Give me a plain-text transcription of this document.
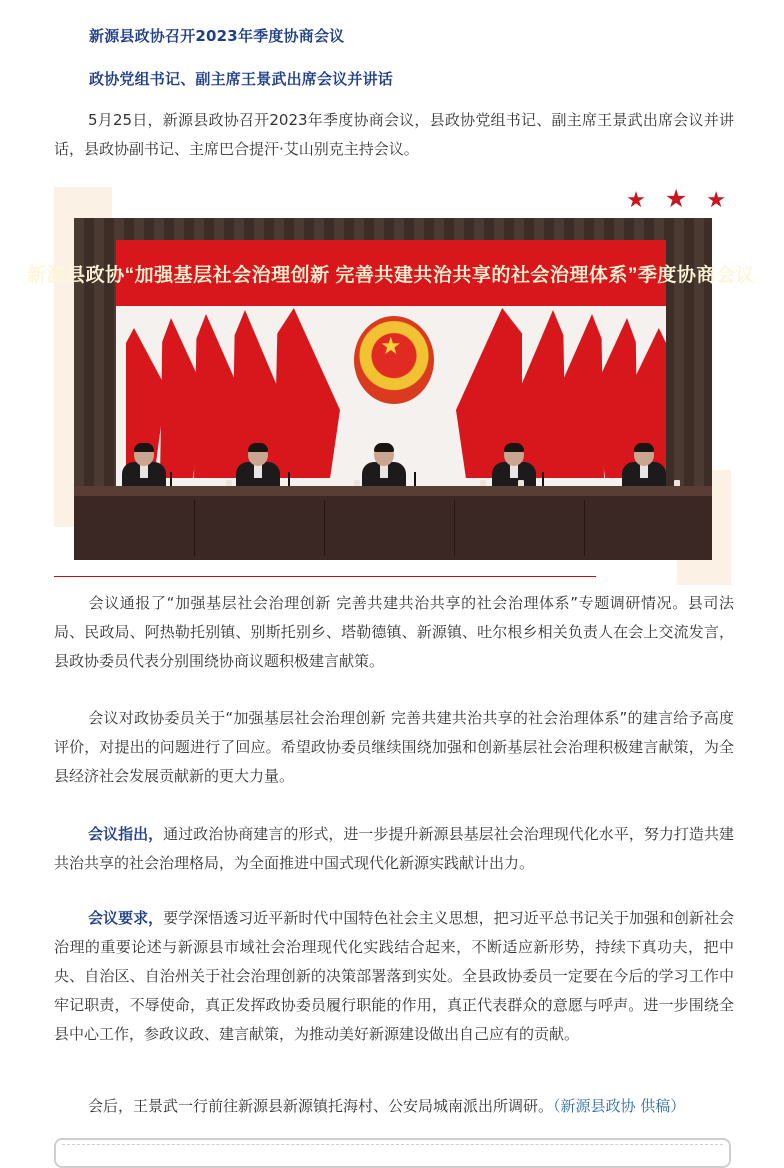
新源县政协召开2023年季度协商会议
政协党组书记、副主席王景武出席会议并讲话

5月25日，新源县政协召开2023年季度协商会议，县政协党组书记、副主席王景武出席会议并讲话，县政协副书记、主席巴合提汗·艾山别克主持会议。

★ ★ ★
新源县政协“加强基层社会治理创新 完善共建共治共享的社会治理体系”季度协商会议
★

会议通报了“加强基层社会治理创新 完善共建共治共享的社会治理体系”专题调研情况。县司法局、民政局、阿热勒托别镇、别斯托别乡、塔勒德镇、新源镇、吐尔根乡相关负责人在会上交流发言，县政协委员代表分别围绕协商议题积极建言献策。

会议对政协委员关于“加强基层社会治理创新 完善共建共治共享的社会治理体系”的建言给予高度评价，对提出的问题进行了回应。希望政协委员继续围绕加强和创新基层社会治理积极建言献策，为全县经济社会发展贡献新的更大力量。

会议指出，通过政治协商建言的形式，进一步提升新源县基层社会治理现代化水平，努力打造共建共治共享的社会治理格局，为全面推进中国式现代化新源实践献计出力。

会议要求，要学深悟透习近平新时代中国特色社会主义思想，把习近平总书记关于加强和创新社会治理的重要论述与新源县市域社会治理现代化实践结合起来，不断适应新形势，持续下真功夫，把中央、自治区、自治州关于社会治理创新的决策部署落到实处。全县政协委员一定要在今后的学习工作中牢记职责，不辱使命，真正发挥政协委员履行职能的作用，真正代表群众的意愿与呼声。进一步围绕全县中心工作，参政议政、建言献策，为推动美好新源建设做出自己应有的贡献。

会后，王景武一行前往新源县新源镇托海村、公安局城南派出所调研。（新源县政协 供稿）
